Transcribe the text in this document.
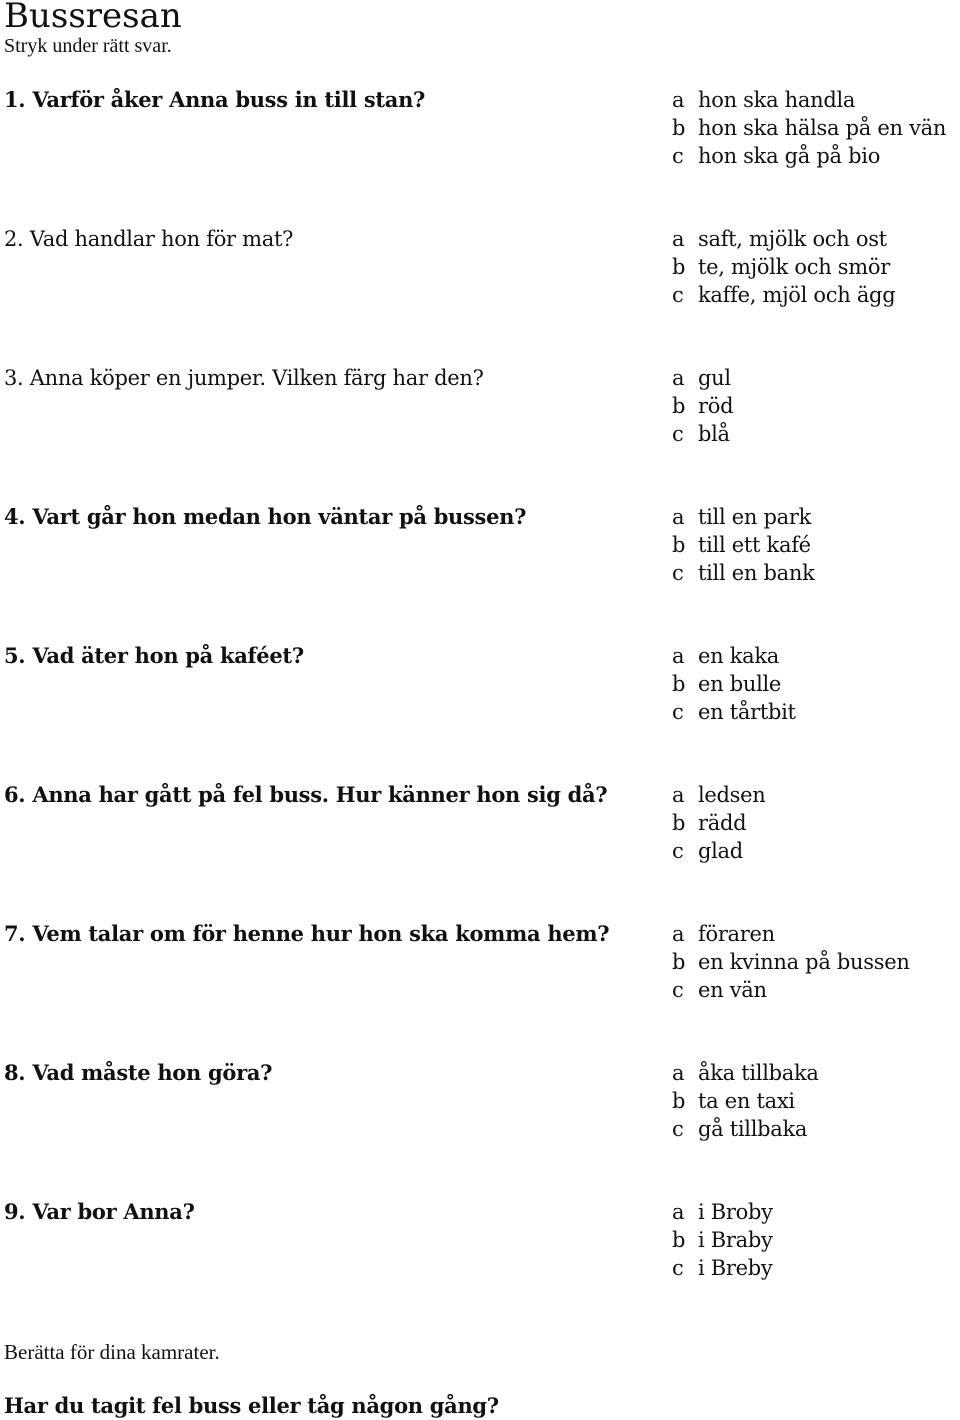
Bussresan
Stryk under rätt svar.
1. Varför åker Anna buss in till stan?	a hon ska handla
b hon ska hälsa på en vän
c hon ska gå på bio
2. Vad handlar hon för mat?	a saft, mjölk och ost
b te, mjölk och smör
c kaffe, mjöl och ägg
3. Anna köper en jumper. Vilken färg har den?	a gul
b röd
c blå
4. Vart går hon medan hon väntar på bussen?	a till en park
b till ett kafé
c till en bank
5. Vad äter hon på kaféet?	a en kaka
b en bulle
c en tårtbit
6. Anna har gått på fel buss. Hur känner hon sig då?	a ledsen
b rädd
c glad
7. Vem talar om för henne hur hon ska komma hem?	a föraren
b en kvinna på bussen
c en vän
8. Vad måste hon göra?	a åka tillbaka
b ta en taxi
c gå tillbaka
9. Var bor Anna?	a i Broby
b i Braby
c i Breby
Berätta för dina kamrater.
Har du tagit fel buss eller tåg någon gång?
